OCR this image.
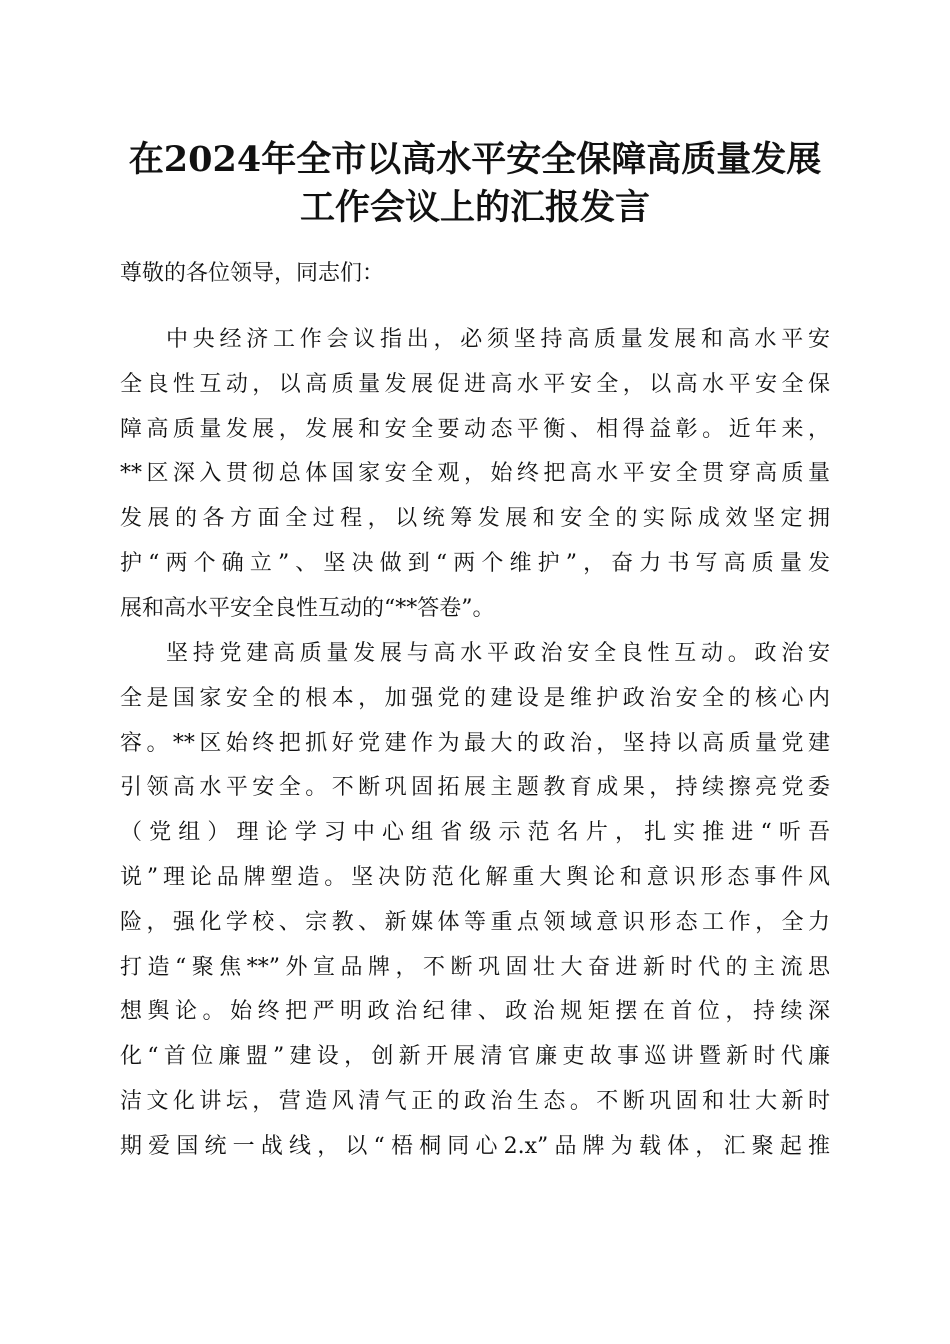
在2024年全市以高水平安全保障高质量发展
工作会议上的汇报发言

尊敬的各位领导，同志们：

中央经济工作会议指出，必须坚持高质量发展和高水平安
全良性互动，以高质量发展促进高水平安全，以高水平安全保
障高质量发展，发展和安全要动态平衡、相得益彰。近年来，
**区深入贯彻总体国家安全观，始终把高水平安全贯穿高质量
发展的各方面全过程，以统筹发展和安全的实际成效坚定拥
护“两个确立”、坚决做到“两个维护”，奋力书写高质量发
展和高水平安全良性互动的“**答卷”。
坚持党建高质量发展与高水平政治安全良性互动。政治安
全是国家安全的根本，加强党的建设是维护政治安全的核心内
容。**区始终把抓好党建作为最大的政治，坚持以高质量党建
引领高水平安全。不断巩固拓展主题教育成果，持续擦亮党委
（党组）理论学习中心组省级示范名片，扎实推进“听吾
说”理论品牌塑造。坚决防范化解重大舆论和意识形态事件风
险，强化学校、宗教、新媒体等重点领域意识形态工作，全力
打造“聚焦**”外宣品牌，不断巩固壮大奋进新时代的主流思
想舆论。始终把严明政治纪律、政治规矩摆在首位，持续深
化“首位廉盟”建设，创新开展清官廉吏故事巡讲暨新时代廉
洁文化讲坛，营造风清气正的政治生态。不断巩固和壮大新时
期爱国统一战线，以“梧桐同心2.x”品牌为载体，汇聚起推
